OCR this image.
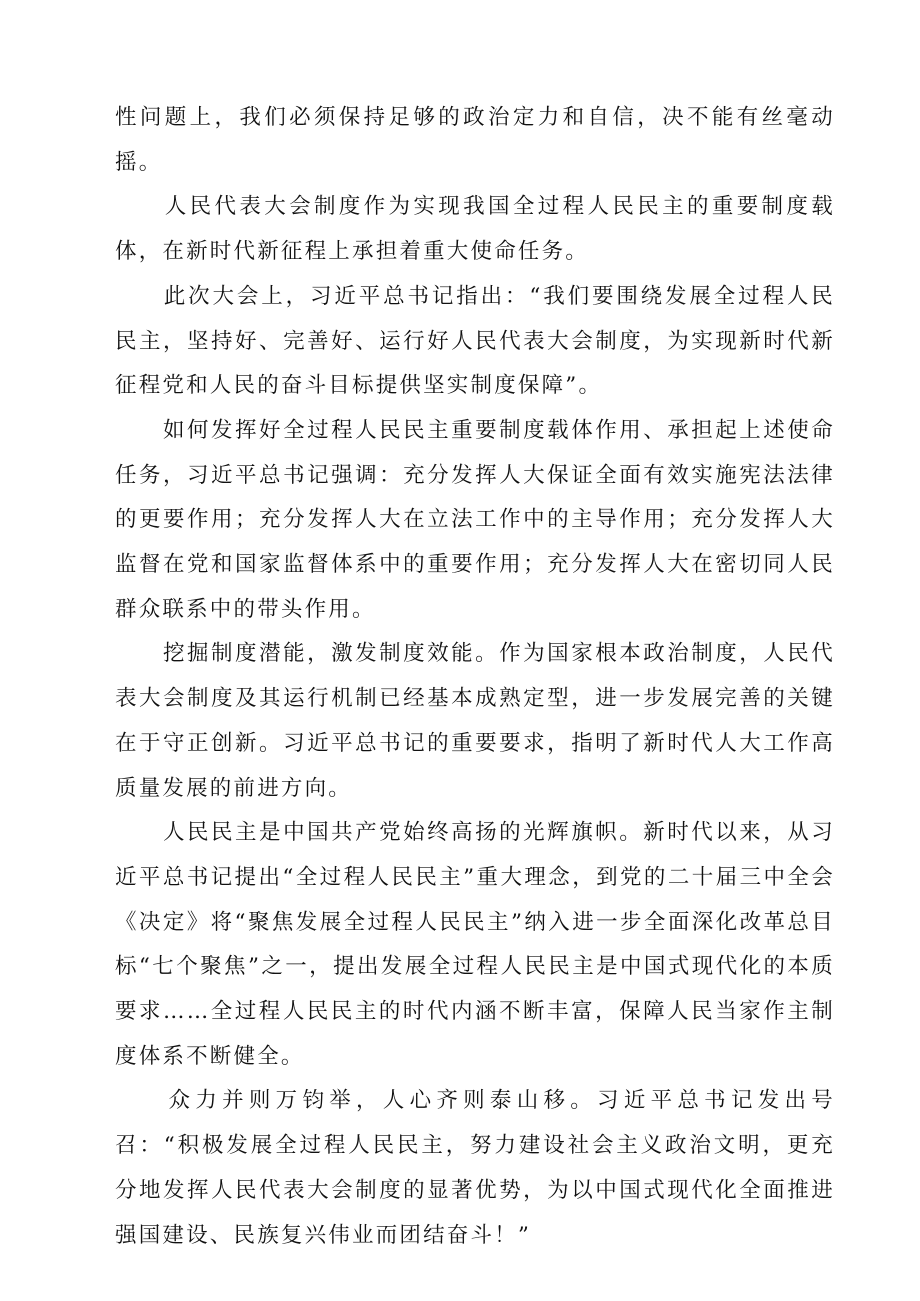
性问题上，我们必须保持足够的政治定力和自信，决不能有丝毫动摇。

　　人民代表大会制度作为实现我国全过程人民民主的重要制度载体，在新时代新征程上承担着重大使命任务。

　　此次大会上，习近平总书记指出：“我们要围绕发展全过程人民民主，坚持好、完善好、运行好人民代表大会制度，为实现新时代新征程党和人民的奋斗目标提供坚实制度保障”。

　　如何发挥好全过程人民民主重要制度载体作用、承担起上述使命任务，习近平总书记强调：充分发挥人大保证全面有效实施宪法法律的更要作用；充分发挥人大在立法工作中的主导作用；充分发挥人大监督在党和国家监督体系中的重要作用；充分发挥人大在密切同人民群众联系中的带头作用。

　　挖掘制度潜能，激发制度效能。作为国家根本政治制度，人民代表大会制度及其运行机制已经基本成熟定型，进一步发展完善的关键在于守正创新。习近平总书记的重要要求，指明了新时代人大工作高质量发展的前进方向。

　　人民民主是中国共产党始终高扬的光辉旗帜。新时代以来，从习近平总书记提出“全过程人民民主”重大理念，到党的二十届三中全会《决定》将“聚焦发展全过程人民民主”纳入进一步全面深化改革总目标“七个聚焦”之一，提出发展全过程人民民主是中国式现代化的本质要求……全过程人民民主的时代内涵不断丰富，保障人民当家作主制度体系不断健全。

　　众力并则万钧举，人心齐则泰山移。习近平总书记发出号召：“积极发展全过程人民民主，努力建设社会主义政治文明，更充分地发挥人民代表大会制度的显著优势，为以中国式现代化全面推进强国建设、民族复兴伟业而团结奋斗！”
